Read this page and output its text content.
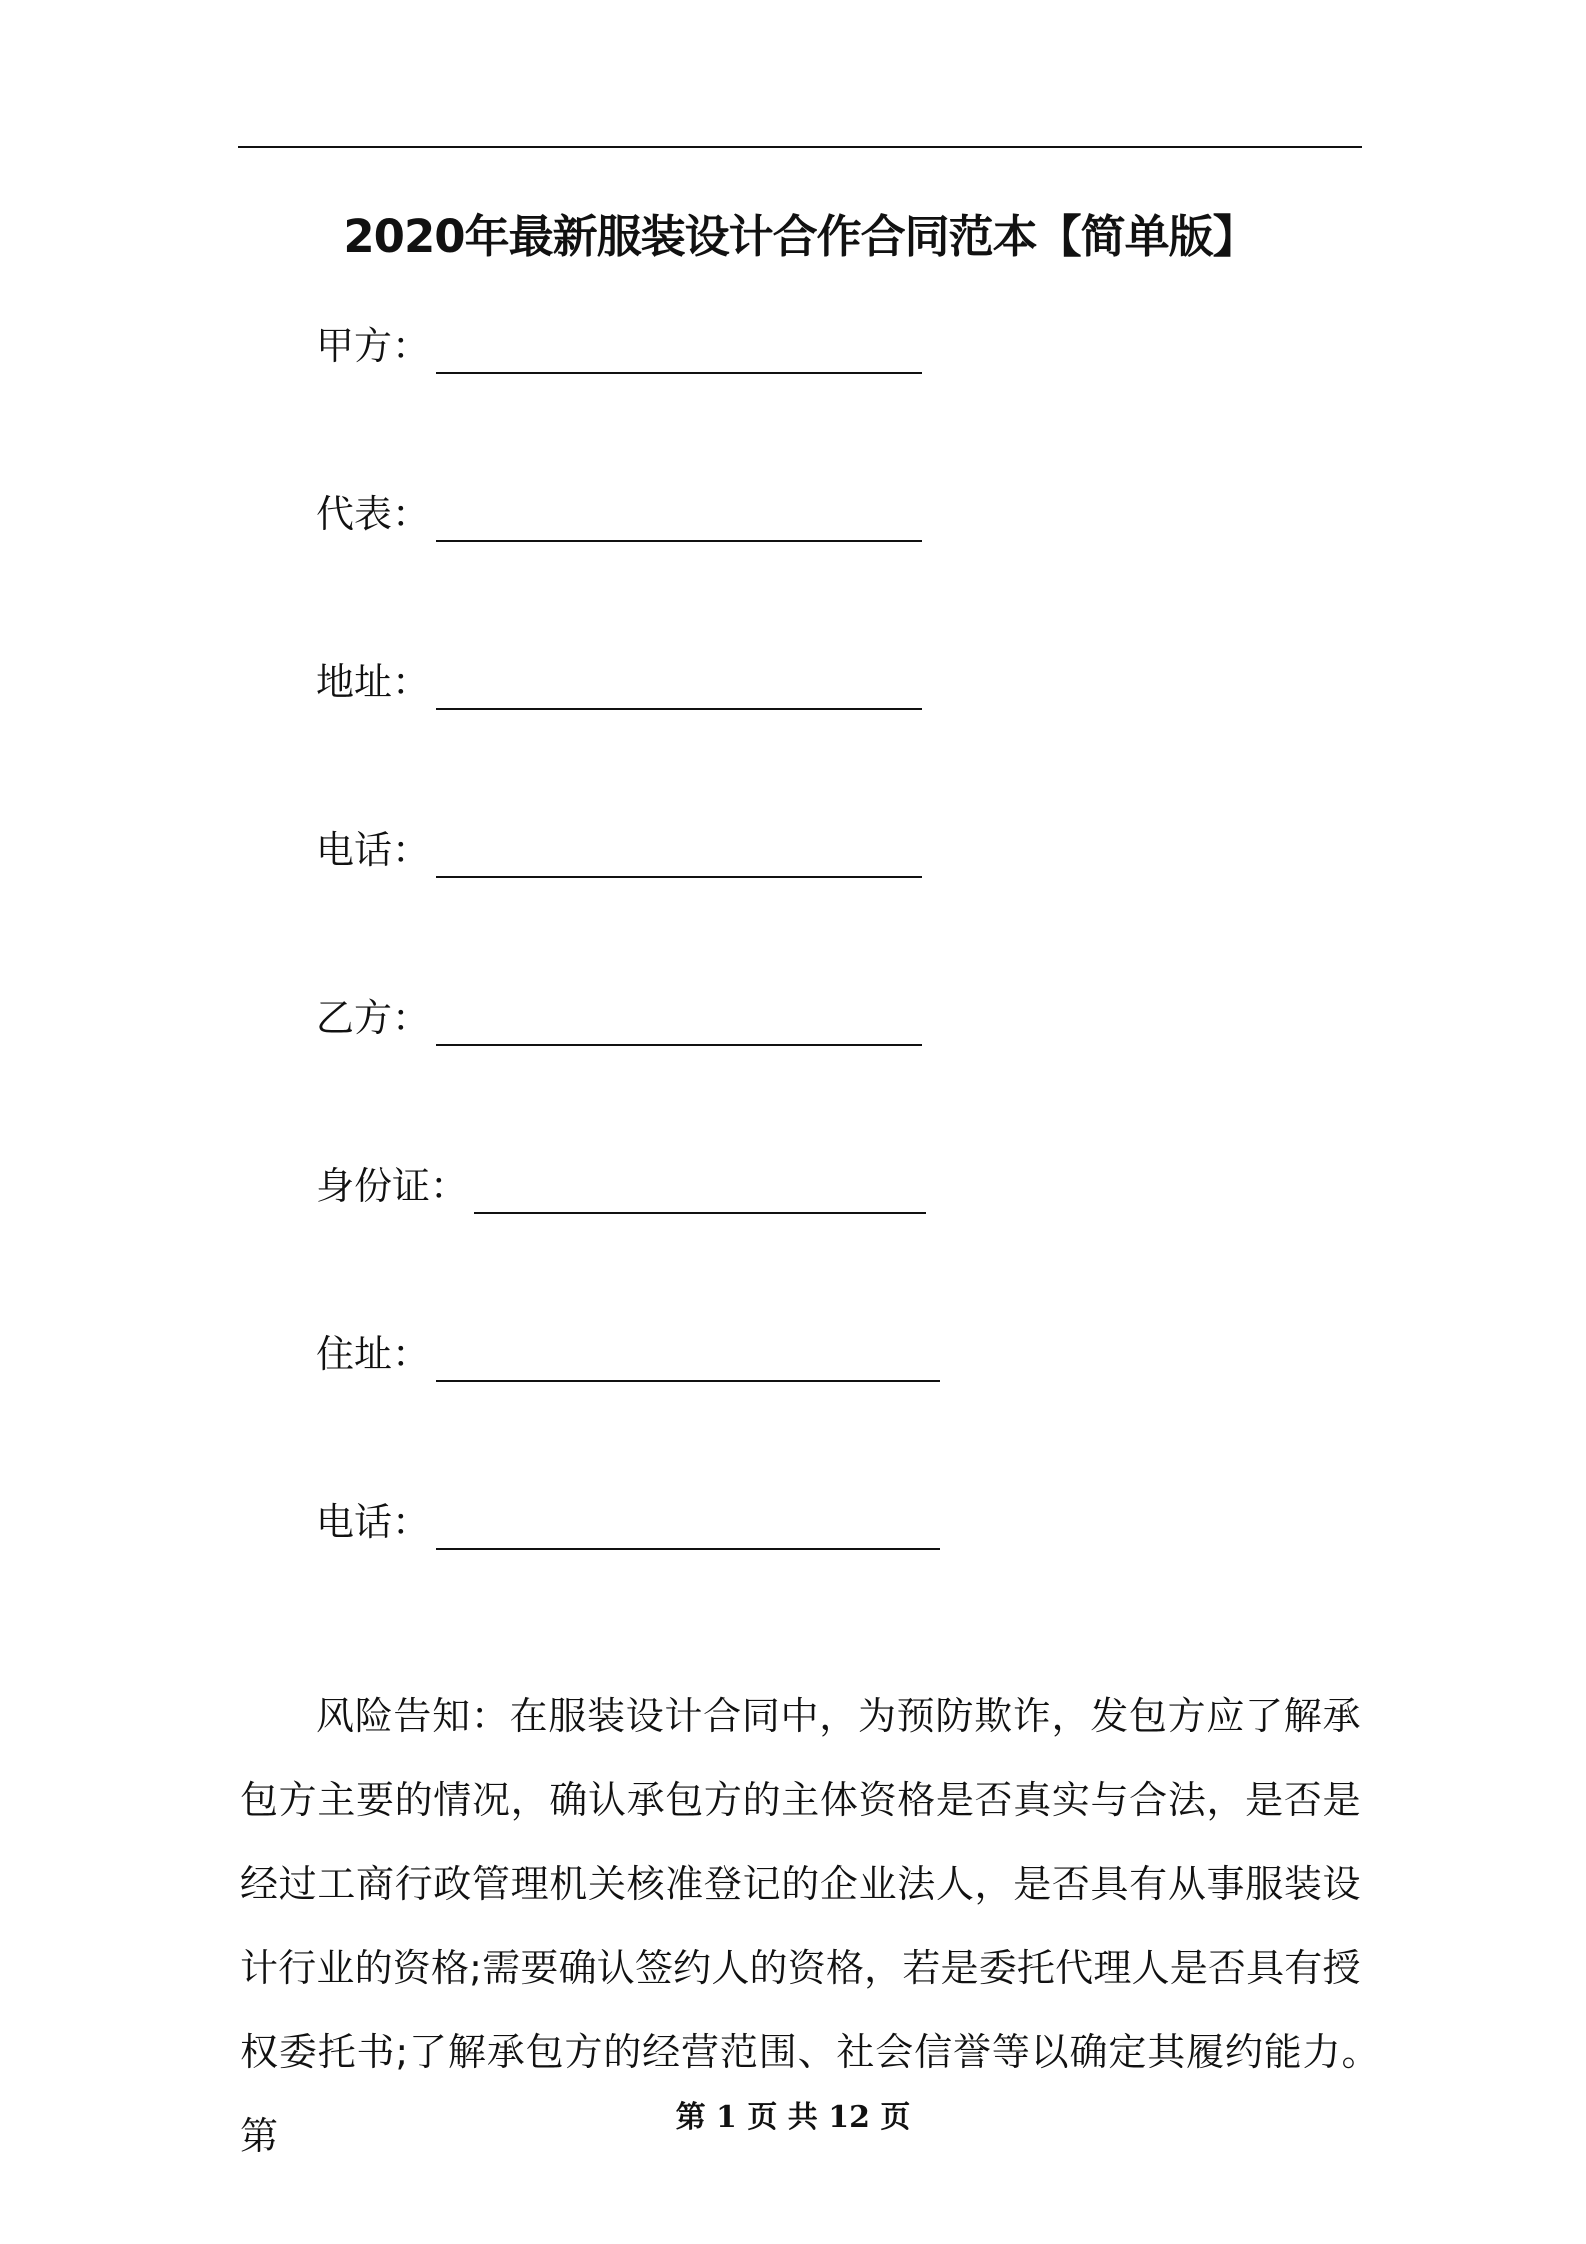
2020年最新服装设计合作合同范本【简单版】
甲方：
代表：
地址：
电话：
乙方：
身份证：
住址：
电话：

风险告知：在服装设计合同中，为预防欺诈，发包方应了解承包方主要的情况，确认承包方的主体资格是否真实与合法，是否是经过工商行政管理机关核准登记的企业法人，是否具有从事服装设计行业的资格;需要确认签约人的资格，若是委托代理人是否具有授权委托书;了解承包方的经营范围、社会信誉等以确定其履约能力。　　第	第 1 页 共 12 页
